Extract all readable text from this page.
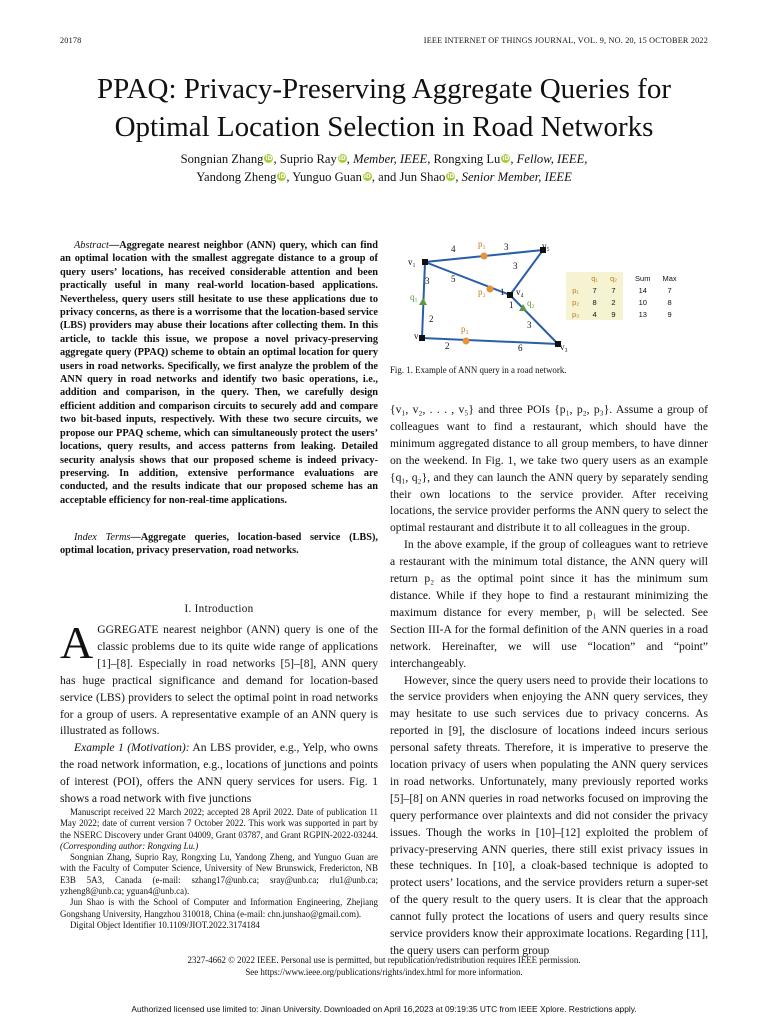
20178	IEEE INTERNET OF THINGS JOURNAL, VOL. 9, NO. 20, 15 OCTOBER 2022
PPAQ: Privacy-Preserving Aggregate Queries for
Optimal Location Selection in Road Networks
Songnian Zhang iD, Suprio Ray iD, Member, IEEE, Rongxing Lu iD, Fellow, IEEE,
Yandong Zheng iD, Yunguo Guan iD, and Jun Shao iD, Senior Member, IEEE
Abstract—Aggregate nearest neighbor (ANN) query, which can find an optimal location with the smallest aggregate distance to a group of query users’ locations, has received considerable attention and been practically useful in many real-world location-based applications. Nevertheless, query users still hesitate to use these applications due to privacy concerns, as there is a worrisome that the location-based service (LBS) providers may abuse their locations after collecting them. In this article, to tackle this issue, we propose a novel privacy-preserving aggregate query (PPAQ) scheme to obtain an optimal location for query users in road networks. Specifically, we first analyze the problem of the ANN query in road networks and identify two basic operations, i.e., addition and comparison, in the query. Then, we carefully design efficient addition and comparison circuits to securely add and compare two bit-based inputs, respectively. With these two secure circuits, we propose our PPAQ scheme, which can simultaneously protect the users’ locations, query results, and access patterns from leaking. Detailed security analysis shows that our proposed scheme is indeed privacy-preserving. In addition, extensive performance evaluations are conducted, and the results indicate that our proposed scheme has an acceptable efficiency for non-real-time applications.
Index Terms—Aggregate queries, location-based service (LBS), optimal location, privacy preservation, road networks.
I. Introduction

AGGREGATE nearest neighbor (ANN) query is one of the classic problems due to its quite wide range of applications [1]–[8]. Especially in road networks [5]–[8], ANN query has huge practical significance and demand for location-based service (LBS) providers to select the optimal point in road networks for a group of users. A representative example of an ANN query is illustrated as follows.

Example 1 (Motivation): An LBS provider, e.g., Yelp, who owns the road network information, e.g., locations of junctions and points of interest (POI), offers the ANN query services for users. Fig. 1 shows a road network with five junctions

Manuscript received 22 March 2022; accepted 28 April 2022. Date of publication 11 May 2022; date of current version 7 October 2022. This work was supported in part by the NSERC Discovery under Grant 04009, Grant 03787, and Grant RGPIN-2022-03244. (Corresponding author: Rongxing Lu.)

Songnian Zhang, Suprio Ray, Rongxing Lu, Yandong Zheng, and Yunguo Guan are with the Faculty of Computer Science, University of New Brunswick, Fredericton, NB E3B 5A3, Canada (e-mail: szhang17@unb.ca; sray@unb.ca; rlu1@unb.ca; yzheng8@unb.ca; yguan4@unb.ca).

Jun Shao is with the School of Computer and Information Engineering, Zhejiang Gongshang University, Hangzhou 310018, China (e-mail: chn.junshao@gmail.com).

Digital Object Identifier 10.1109/JIOT.2022.3174184

v₁
v₂
v₃
v₄
v₅
p₁
p₂
p₃
q₁
q₂
4	3
3 5
3
1
1
2
3
2	6
	q₁	q₂	Sum	Max
p₁	7	7	14	7
p₂	8	2	10	8
p₃	4	9	13	9
Fig. 1. Example of ANN query in a road network.

{v₁, v₂, . . . , v₅} and three POIs {p₁, p₂, p₃}. Assume a group of colleagues want to find a restaurant, which should have the minimum aggregated distance to all group members, to have dinner on the weekend. In Fig. 1, we take two query users as an example {q₁, q₂}, and they can launch the ANN query by separately sending their own locations to the service provider. After receiving locations, the service provider performs the ANN query to select the optimal restaurant and distribute it to all colleagues in the group.

In the above example, if the group of colleagues want to retrieve a restaurant with the minimum total distance, the ANN query will return p₂ as the optimal point since it has the minimum sum distance. While if they hope to find a restaurant minimizing the maximum distance for every member, p₁ will be selected. See Section III-A for the formal definition of the ANN queries in a road network. Hereinafter, we will use “location” and “point” interchangeably.

However, since the query users need to provide their locations to the service providers when enjoying the ANN query services, they may hesitate to use such services due to privacy concerns. As reported in [9], the disclosure of locations indeed incurs serious personal safety threats. Therefore, it is imperative to preserve the location privacy of users when populating the ANN query services in road networks. Unfortunately, many previously reported works [5]–[8] on ANN queries in road networks focused on improving the query performance over plaintexts and did not consider the privacy issues. Though the works in [10]–[12] exploited the problem of privacy-preserving ANN queries, there still exist privacy issues in these techniques. In [10], a cloak-based technique is adopted to protect users’ locations, and the service providers return a super-set of the query result to the query users. It is clear that the approach cannot fully protect the locations of users and query results since service providers know their approximate locations. Regarding [11], the query users can perform group

2327-4662 © 2022 IEEE. Personal use is permitted, but republication/redistribution requires IEEE permission.
See https://www.ieee.org/publications/rights/index.html for more information.
Authorized licensed use limited to: Jinan University. Downloaded on April 16,2023 at 09:19:35 UTC from IEEE Xplore. Restrictions apply.
